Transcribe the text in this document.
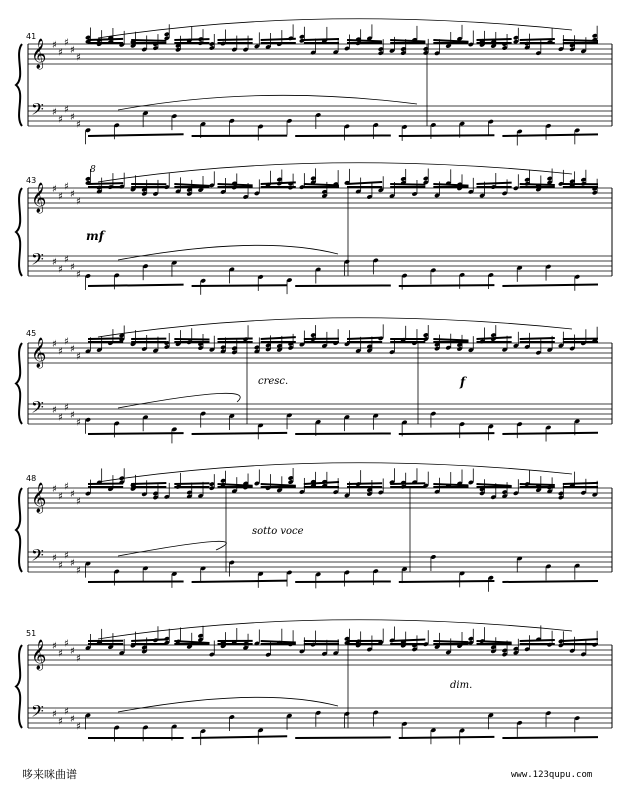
𝄞 ♯
♯
♯
♯
♯
𝄢 ♯
♯
♯
♯
♯
𝄞 ♯
♯
♯
♯
♯
𝄢 ♯
♯
♯
♯
♯
𝄞 ♯
♯
♯
♯
♯
𝄢 ♯
♯
♯
♯
♯
𝄞 ♯
♯
♯
♯
♯
𝄢 ♯
♯
♯
♯
♯
𝄞 ♯
♯
♯
♯
♯
𝄢 ♯
♯
♯
♯
♯
41
43
45
48
51
8
mf
cresc.	f
sotto voce
dim.
哆来咪曲谱	www.123qupu.com
